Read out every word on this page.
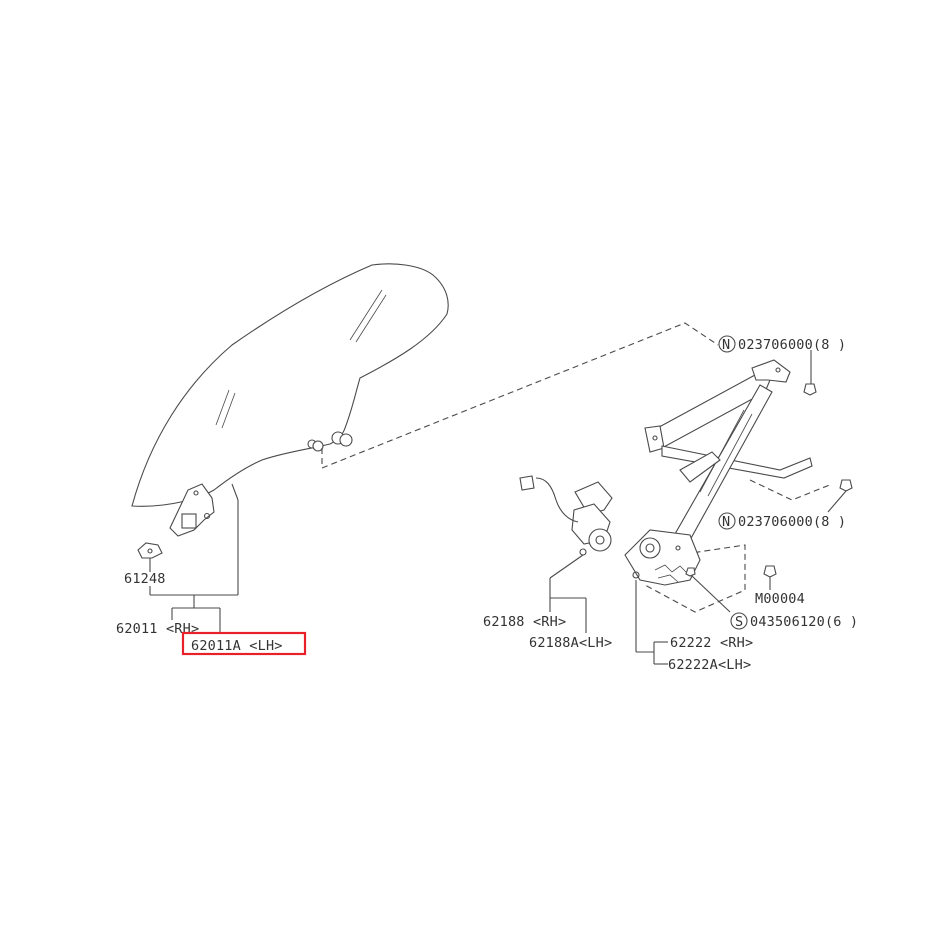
61248
62011 <RH>
62011A <LH>
N 023706000(8 )
N 023706000(8 )
M00004
S 043506120(6 )
62188 <RH>
62188A<LH>	62222 <RH>
62222A<LH>
